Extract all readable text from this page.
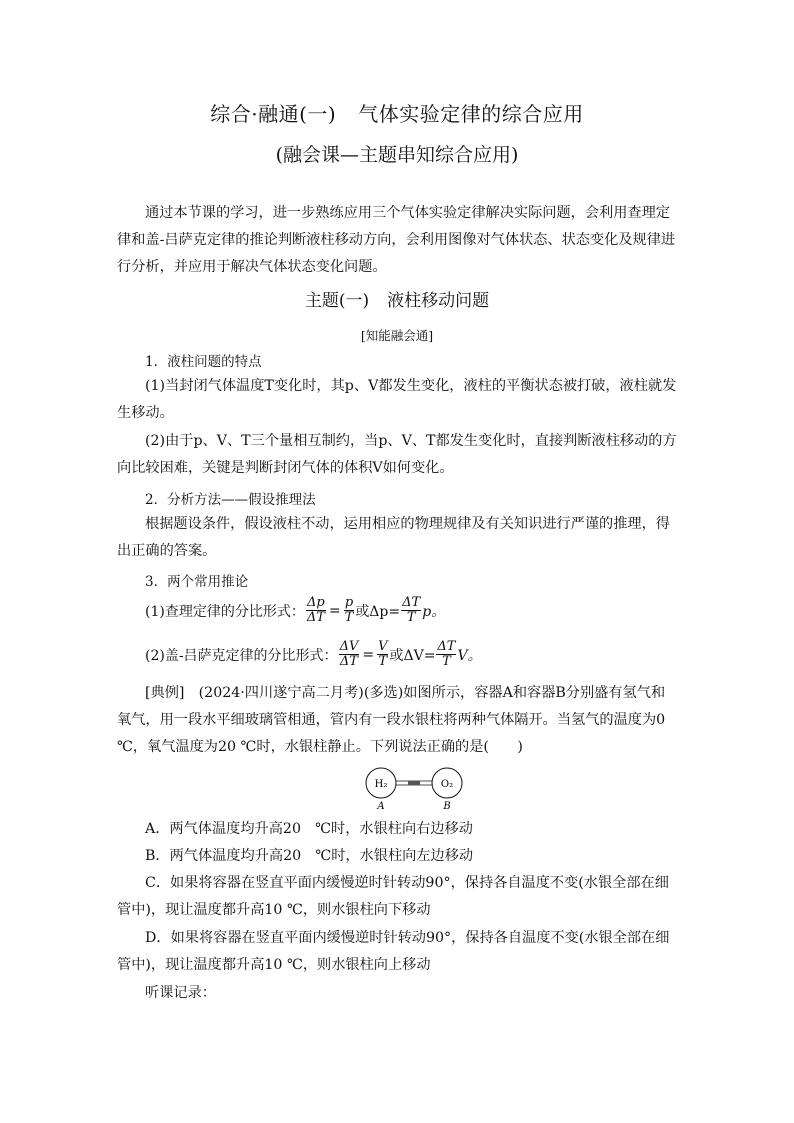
综合·融通(一) 气体实验定律的综合应用
(融会课—主题串知综合应用)
通过本节课的学习，进一步熟练应用三个气体实验定律解决实际问题，会利用查理定律和盖-吕萨克定律的推论判断液柱移动方向，会利用图像对气体状态、状态变化及规律进行分析，并应用于解决气体状态变化问题。
主题(一) 液柱移动问题
[知能融会通]
1．液柱问题的特点
(1)当封闭气体温度T变化时，其p、V都发生变化，液柱的平衡状态被打破，液柱就发生移动。
(2)由于p、V、T三个量相互制约，当p、V、T都发生变化时，直接判断液柱移动的方向比较困难，关键是判断封闭气体的体积V如何变化。
2．分析方法——假设推理法
根据题设条件，假设液柱不动，运用相应的物理规律及有关知识进行严谨的推理，得出正确的答案。
3．两个常用推论
(1)查理定律的分比形式： $\frac{\Delta p}{\Delta T} = \frac{p}{T}$ 或$\Delta p= \frac{\Delta T}{T}$ p。
(2)盖-吕萨克定律的分比形式： $\frac{\Delta V}{\Delta T} = \frac{V}{T}$ 或$\Delta V= \frac{\Delta T}{T}$ V。
[典例]　(2024·四川遂宁高二月考)(多选)如图所示，容器A和容器B分别盛有氢气和氧气，用一段水平细玻璃管相通，管内有一段水银柱将两种气体隔开。当氢气的温度为0 ℃，氧气温度为20 ℃时，水银柱静止。下列说法正确的是(　　)
H₂	O₂
A	B
A．两气体温度均升高20　℃时，水银柱向右边移动
B．两气体温度均升高20　℃时，水银柱向左边移动
C．如果将容器在竖直平面内缓慢逆时针转动90°，保持各自温度不变(水银全部在细管中)，现让温度都升高10 ℃，则水银柱向下移动
D．如果将容器在竖直平面内缓慢逆时针转动90°，保持各自温度不变(水银全部在细管中)，现让温度都升高10 ℃，则水银柱向上移动
听课记录：
